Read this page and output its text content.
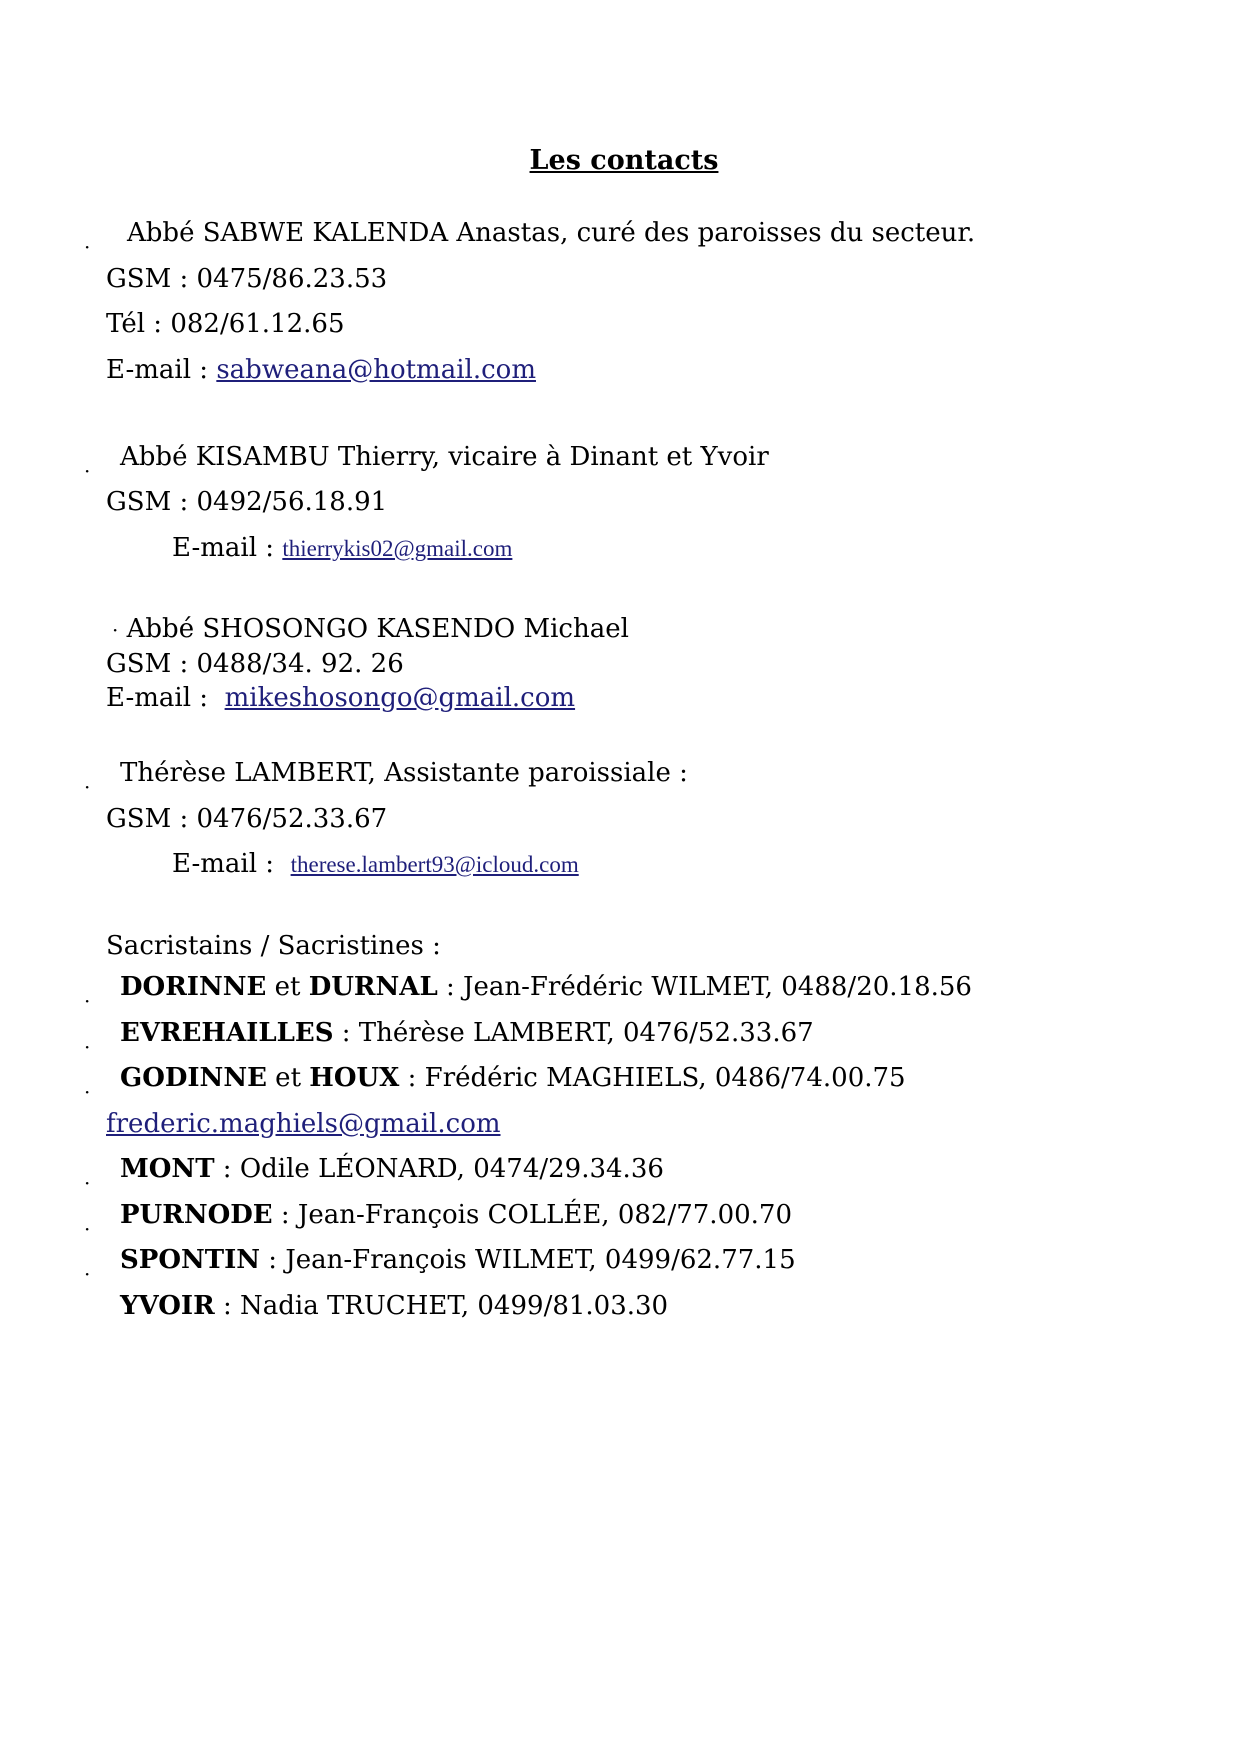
Les contacts
· Abbé SABWE KALENDA Anastas, curé des paroisses du secteur.
GSM : 0475/86.23.53
Tél : 082/61.12.65
E-mail : sabweana@hotmail.com
· Abbé KISAMBU Thierry, vicaire à Dinant et Yvoir
GSM : 0492/56.18.91
E-mail : thierrykis02@gmail.com
· Abbé SHOSONGO KASENDO Michael
GSM : 0488/34. 92. 26
E-mail :  mikeshosongo@gmail.com
· Thérèse LAMBERT, Assistante paroissiale :
GSM : 0476/52.33.67
E-mail :  therese.lambert93@icloud.com
Sacristains / Sacristines :
· DORINNE et DURNAL : Jean-Frédéric WILMET, 0488/20.18.56
· EVREHAILLES : Thérèse LAMBERT, 0476/52.33.67
· GODINNE et HOUX : Frédéric MAGHIELS, 0486/74.00.75
frederic.maghiels@gmail.com
· MONT : Odile LÉONARD, 0474/29.34.36
· PURNODE : Jean-François COLLÉE, 082/77.00.70
· SPONTIN : Jean-François WILMET, 0499/62.77.15
YVOIR : Nadia TRUCHET, 0499/81.03.30
